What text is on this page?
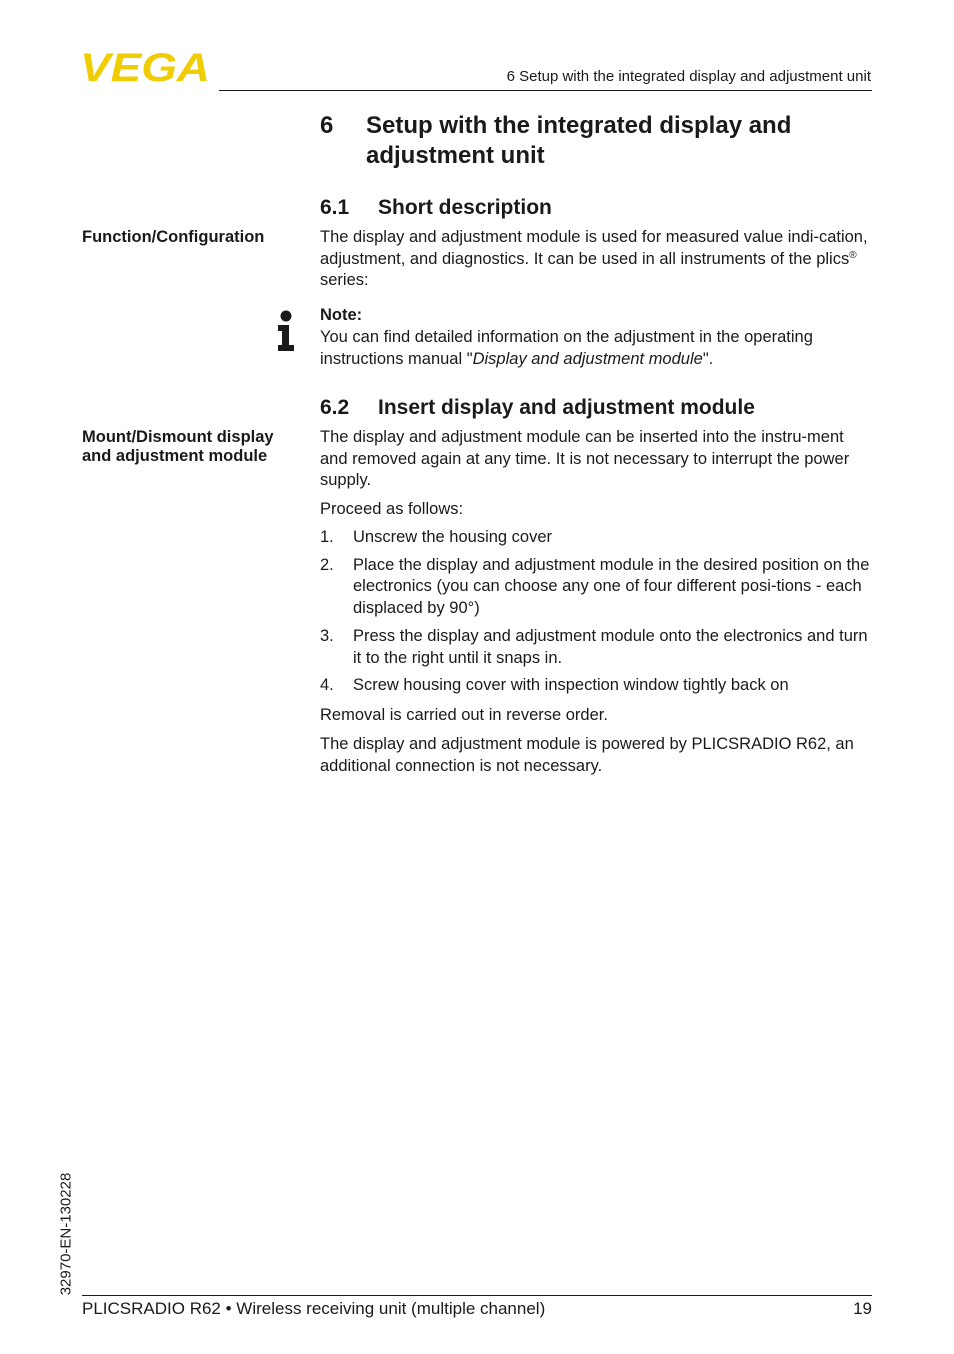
VEGA	6 Setup with the integrated display and adjustment unit
6 Setup with the integrated display and adjustment unit
6.1 Short description
Function/Configuration	The display and adjustment module is used for measured value indi-cation, adjustment, and diagnostics. It can be used in all instruments of the plics® series:
Note:
You can find detailed information on the adjustment in the operating instructions manual "Display and adjustment module".
6.2 Insert display and adjustment module
Mount/Dismount display
and adjustment module
The display and adjustment module can be inserted into the instru-ment and removed again at any time. It is not necessary to interrupt the power supply.
Proceed as follows:
1. Unscrew the housing cover
2. Place the display and adjustment module in the desired position on the electronics (you can choose any one of four different posi-tions - each displaced by 90°)
3. Press the display and adjustment module onto the electronics and turn it to the right until it snaps in.
4. Screw housing cover with inspection window tightly back on
Removal is carried out in reverse order.
The display and adjustment module is powered by PLICSRADIO R62, an additional connection is not necessary.
32970-EN-130228
PLICSRADIO R62 • Wireless receiving unit (multiple channel)	19
